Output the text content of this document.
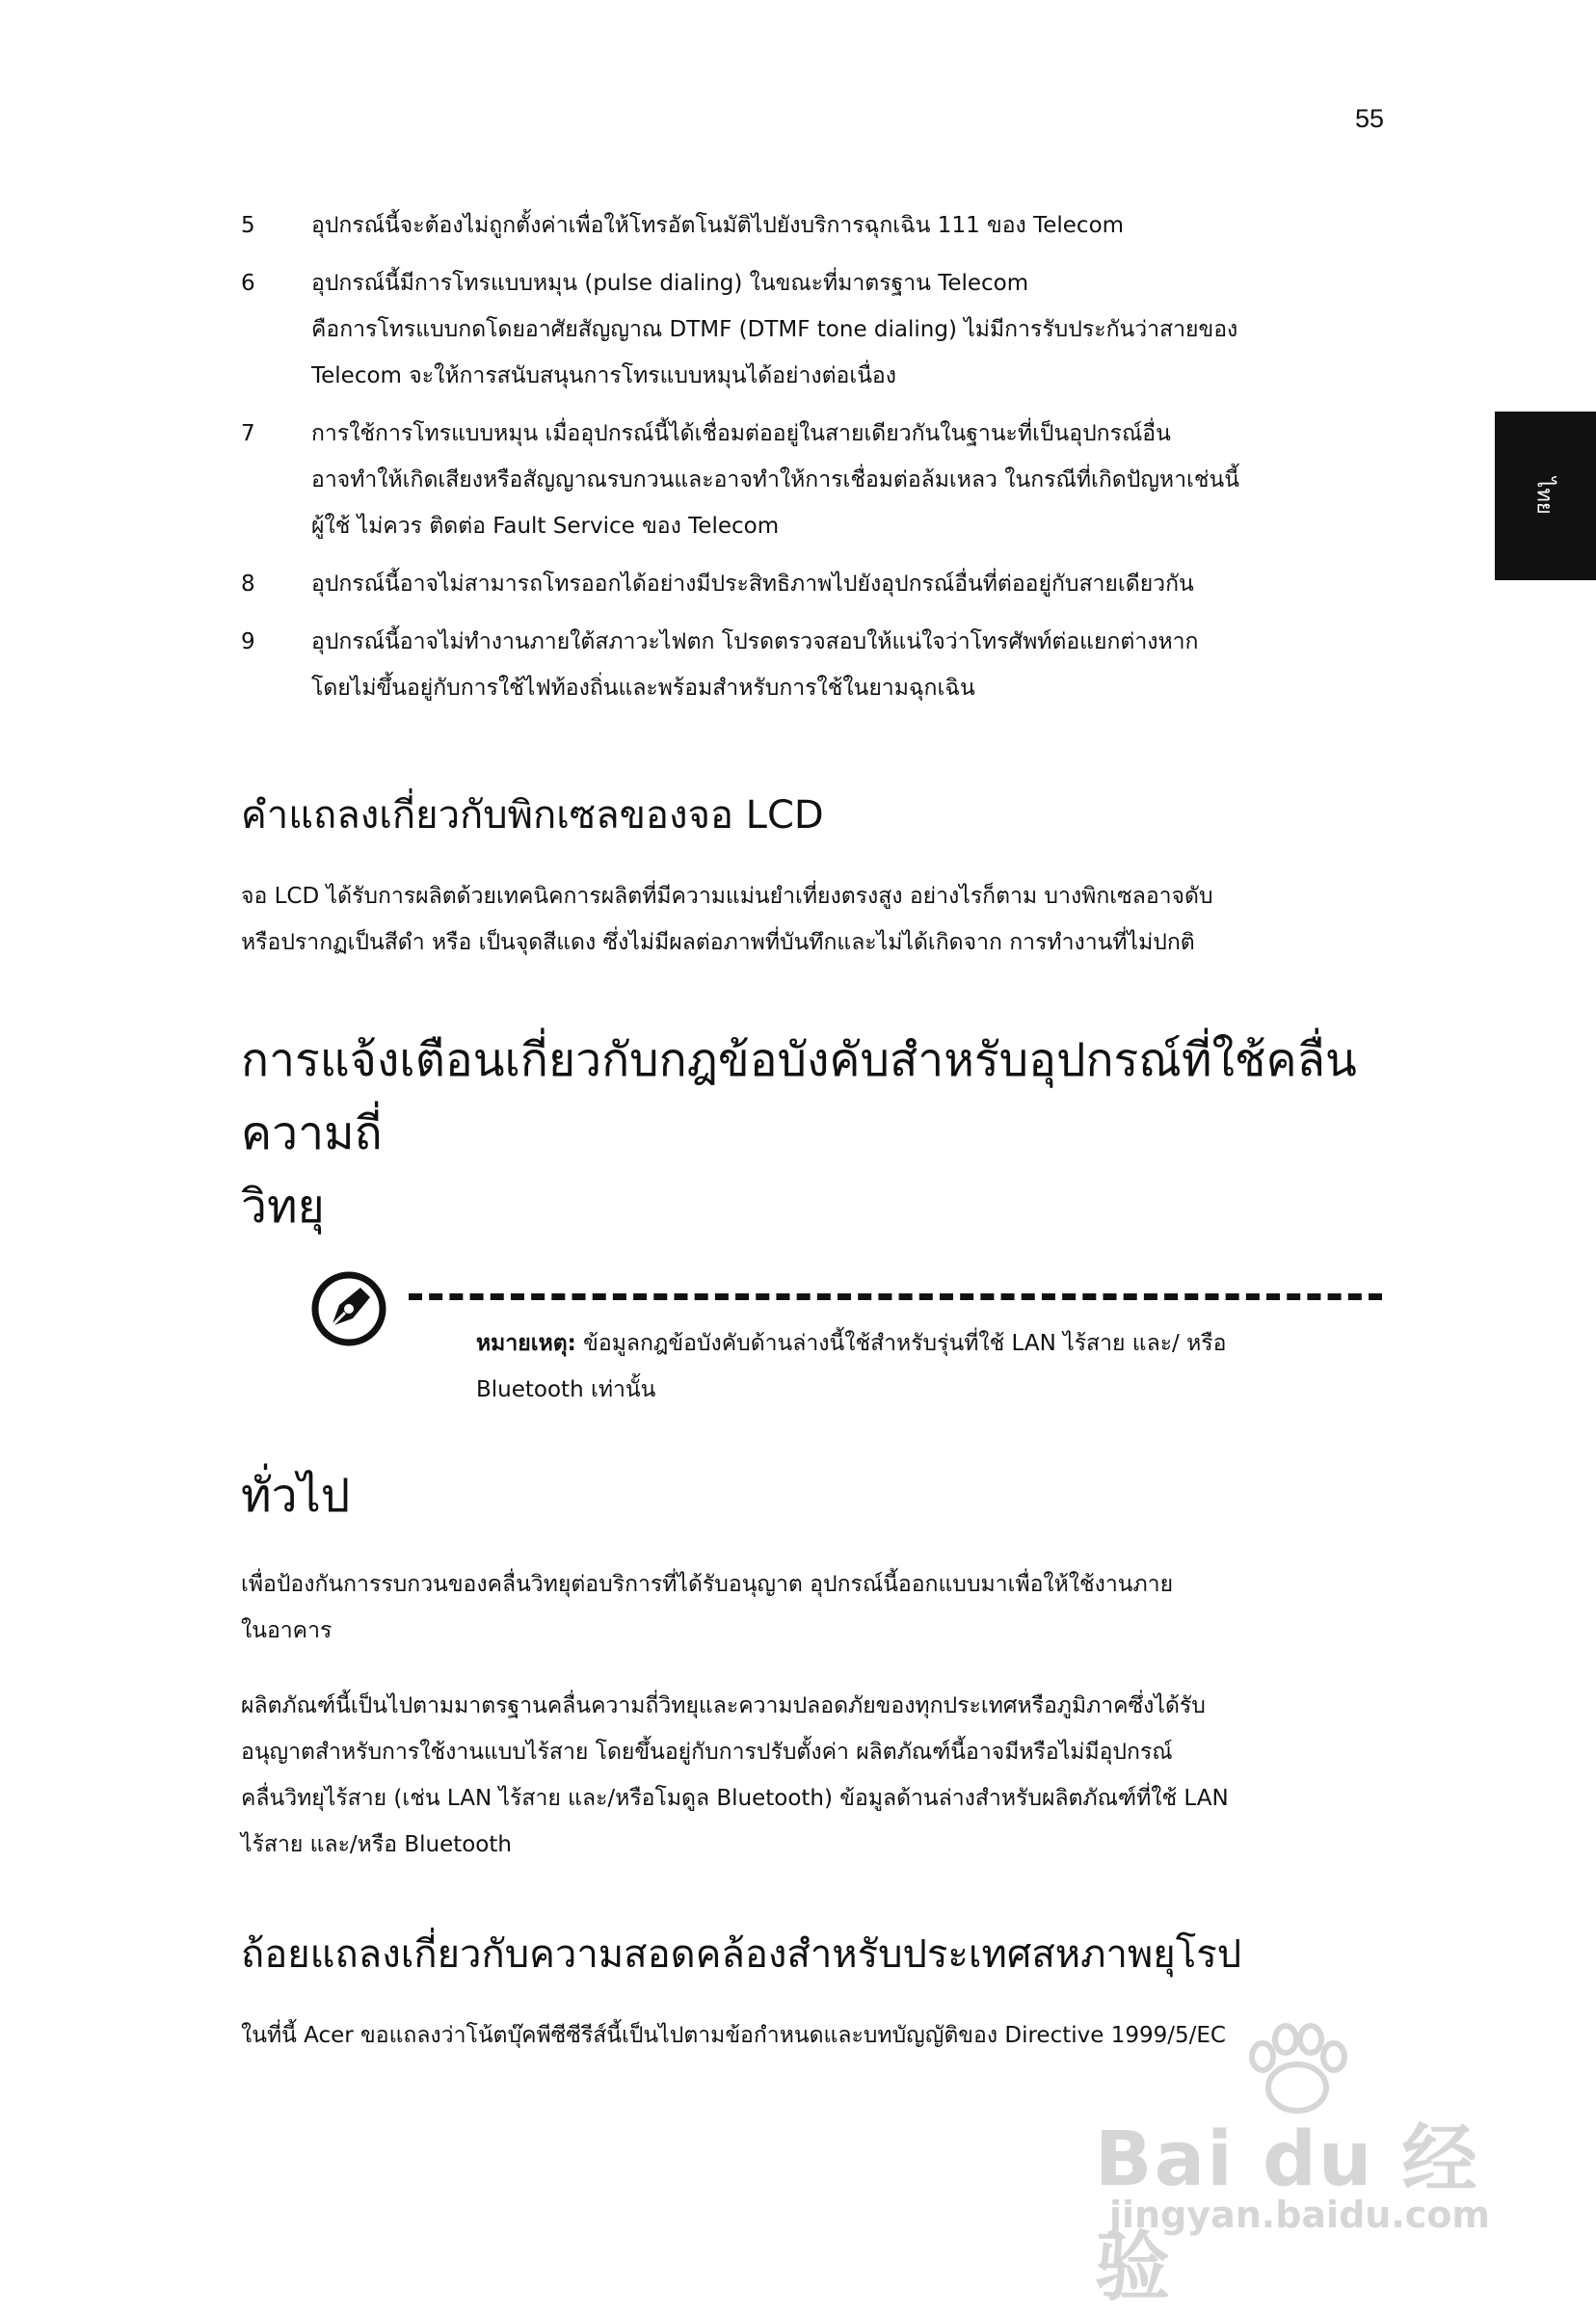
55
ไทย
5	อุปกรณ์นี้จะต้องไม่ถูกตั้งค่าเพื่อให้โทรอัตโนมัติไปยังบริการฉุกเฉิน 111 ของ Telecom
6	อุปกรณ์นี้มีการโทรแบบหมุน (pulse dialing) ในขณะที่มาตรฐาน Telecom
คือการโทรแบบกดโดยอาศัยสัญญาณ DTMF (DTMF tone dialing) ไม่มีการรับประกันว่าสายของ
Telecom จะให้การสนับสนุนการโทรแบบหมุนได้อย่างต่อเนื่อง
7	การใช้การโทรแบบหมุน เมื่ออุปกรณ์นี้ได้เชื่อมต่ออยู่ในสายเดียวกันในฐานะที่เป็นอุปกรณ์อื่น
อาจทำให้เกิดเสียงหรือสัญญาณรบกวนและอาจทำให้การเชื่อมต่อล้มเหลว ในกรณีที่เกิดปัญหาเช่นนี้
ผู้ใช้ ไม่ควร ติดต่อ Fault Service ของ Telecom
8	อุปกรณ์นี้อาจไม่สามารถโทรออกได้อย่างมีประสิทธิภาพไปยังอุปกรณ์อื่นที่ต่ออยู่กับสายเดียวกัน
9	อุปกรณ์นี้อาจไม่ทำงานภายใต้สภาวะไฟตก โปรดตรวจสอบให้แน่ใจว่าโทรศัพท์ต่อแยกต่างหาก
โดยไม่ขึ้นอยู่กับการใช้ไฟท้องถิ่นและพร้อมสำหรับการใช้ในยามฉุกเฉิน
คำแถลงเกี่ยวกับพิกเซลของจอ LCD

จอ LCD ได้รับการผลิตด้วยเทคนิคการผลิตที่มีความแม่นยำเที่ยงตรงสูง อย่างไรก็ตาม บางพิกเซลอาจดับ
หรือปรากฏเป็นสีดำ หรือ เป็นจุดสีแดง ซึ่งไม่มีผลต่อภาพที่บันทึกและไม่ได้เกิดจาก การทำงานที่ไม่ปกติ

การแจ้งเตือนเกี่ยวกับกฎข้อบังคับสำหรับอุปกรณ์ที่ใช้คลื่นความถี่
วิทยุ
หมายเหตุ: ข้อมูลกฎข้อบังคับด้านล่างนี้ใช้สำหรับรุ่นที่ใช้ LAN ไร้สาย และ/ หรือ
Bluetooth เท่านั้น
ทั่วไป

เพื่อป้องกันการรบกวนของคลื่นวิทยุต่อบริการที่ได้รับอนุญาต อุปกรณ์นี้ออกแบบมาเพื่อให้ใช้งานภาย
ในอาคาร

ผลิตภัณฑ์นี้เป็นไปตามมาตรฐานคลื่นความถี่วิทยุและความปลอดภัยของทุกประเทศหรือภูมิภาคซึ่งได้รับ
อนุญาตสำหรับการใช้งานแบบไร้สาย โดยขึ้นอยู่กับการปรับตั้งค่า ผลิตภัณฑ์นี้อาจมีหรือไม่มีอุปกรณ์
คลื่นวิทยุไร้สาย (เช่น LAN ไร้สาย และ/หรือโมดูล Bluetooth) ข้อมูลด้านล่างสำหรับผลิตภัณฑ์ที่ใช้ LAN
ไร้สาย และ/หรือ Bluetooth

ถ้อยแถลงเกี่ยวกับความสอดคล้องสำหรับประเทศสหภาพยุโรป

ในที่นี้ Acer ขอแถลงว่าโน้ตบุ๊คพีซีซีรีส์นี้เป็นไปตามข้อกำหนดและบทบัญญัติของ Directive 1999/5/EC

Bai du 经验
jingyan.baidu.com
